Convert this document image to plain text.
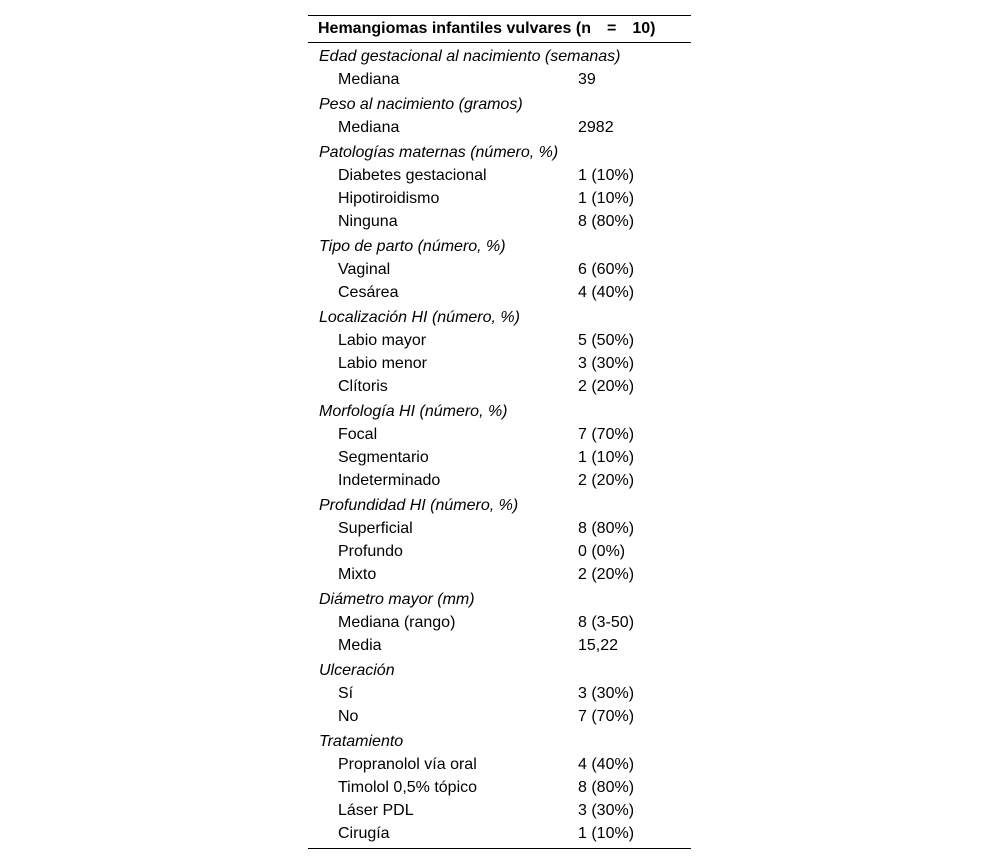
Hemangiomas infantiles vulvares (n  =  10)
Edad gestacional al nacimiento (semanas)
Mediana	39
Peso al nacimiento (gramos)
Mediana	2982
Patologías maternas (número, %)
Diabetes gestacional	1 (10%)
Hipotiroidismo	1 (10%)
Ninguna	8 (80%)
Tipo de parto (número, %)
Vaginal	6 (60%)
Cesárea	4 (40%)
Localización HI (número, %)
Labio mayor	5 (50%)
Labio menor	3 (30%)
Clítoris	2 (20%)
Morfología HI (número, %)
Focal	7 (70%)
Segmentario	1 (10%)
Indeterminado	2 (20%)
Profundidad HI (número, %)
Superficial	8 (80%)
Profundo	0 (0%)
Mixto	2 (20%)
Diámetro mayor (mm)
Mediana (rango)	8 (3-50)
Media	15,22
Ulceración
Sí	3 (30%)
No	7 (70%)
Tratamiento
Propranolol vía oral	4 (40%)
Timolol 0,5% tópico	8 (80%)
Láser PDL	3 (30%)
Cirugía	1 (10%)
